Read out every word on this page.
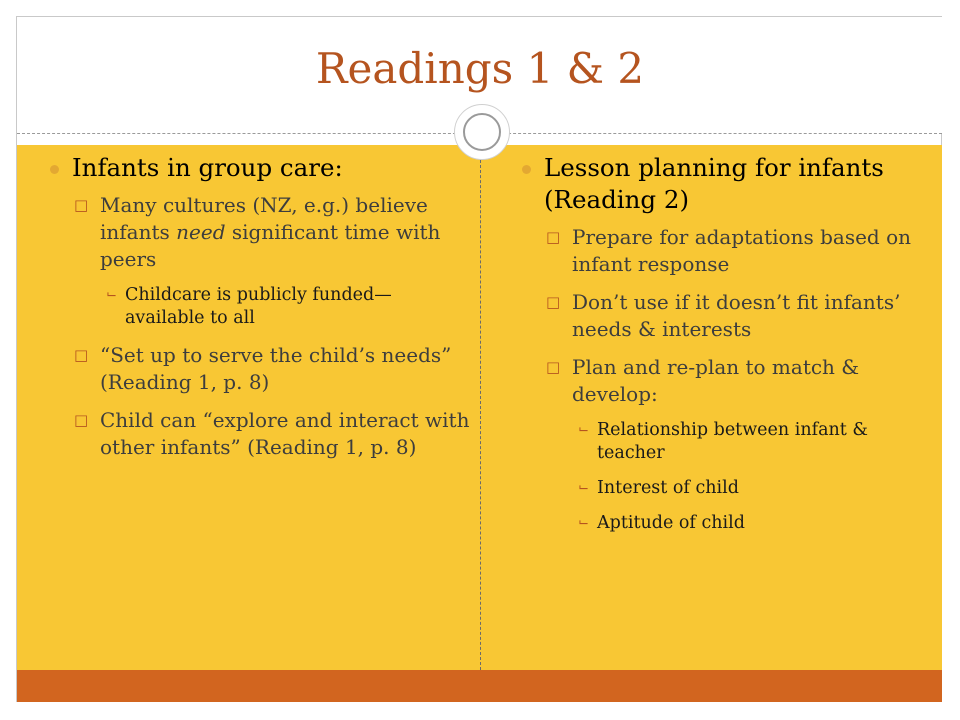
Readings 1 & 2
Infants in group care:
□ Many cultures (NZ, e.g.) believe infants need significant time with peers
⌙ Childcare is publicly funded—available to all
□ “Set up to serve the child’s needs” (Reading 1, p. 8)
□ Child can “explore and interact with other infants” (Reading 1, p. 8)
Lesson planning for infants (Reading 2)
□ Prepare for adaptations based on infant response
□ Don’t use if it doesn’t fit infants’ needs & interests
□ Plan and re-plan to match & develop:
⌙ Relationship between infant & teacher
⌙ Interest of child
⌙ Aptitude of child
